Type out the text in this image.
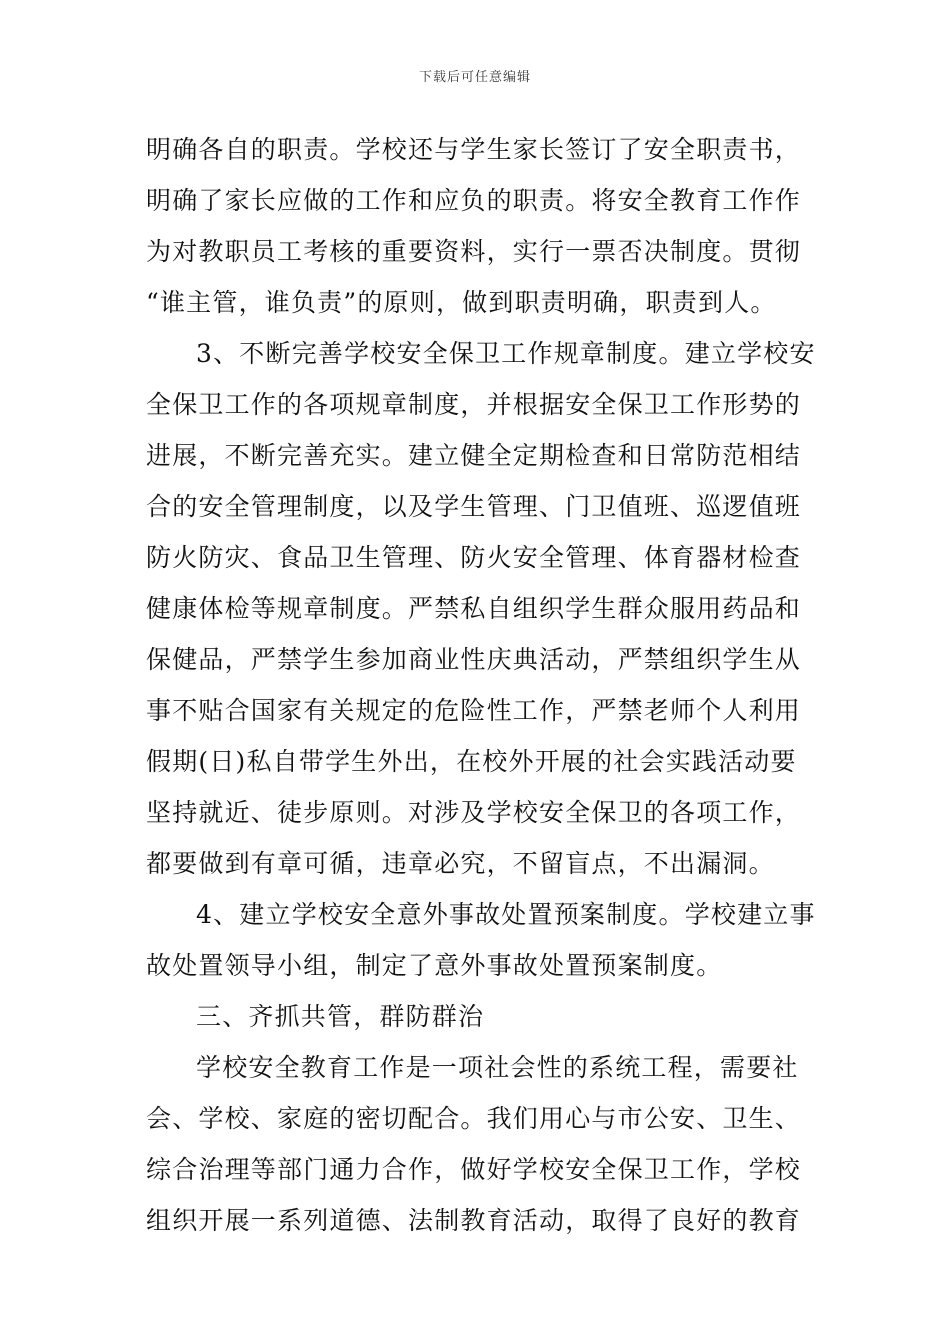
下载后可任意编辑
明确各自的职责。学校还与学生家长签订了安全职责书，
明确了家长应做的工作和应负的职责。将安全教育工作作
为对教职员工考核的重要资料，实行一票否决制度。贯彻
“谁主管，谁负责”的原则，做到职责明确，职责到人。
3、不断完善学校安全保卫工作规章制度。建立学校安
全保卫工作的各项规章制度，并根据安全保卫工作形势的
进展，不断完善充实。建立健全定期检查和日常防范相结
合的安全管理制度，以及学生管理、门卫值班、巡逻值班
防火防灾、食品卫生管理、防火安全管理、体育器材检查
健康体检等规章制度。严禁私自组织学生群众服用药品和
保健品，严禁学生参加商业性庆典活动，严禁组织学生从
事不贴合国家有关规定的危险性工作，严禁老师个人利用
假期(日)私自带学生外出，在校外开展的社会实践活动要
坚持就近、徒步原则。对涉及学校安全保卫的各项工作，
都要做到有章可循，违章必究，不留盲点，不出漏洞。
4、建立学校安全意外事故处置预案制度。学校建立事
故处置领导小组，制定了意外事故处置预案制度。
三、齐抓共管，群防群治
学校安全教育工作是一项社会性的系统工程，需要社
会、学校、家庭的密切配合。我们用心与市公安、卫生、
综合治理等部门通力合作，做好学校安全保卫工作，学校
组织开展一系列道德、法制教育活动，取得了良好的教育
